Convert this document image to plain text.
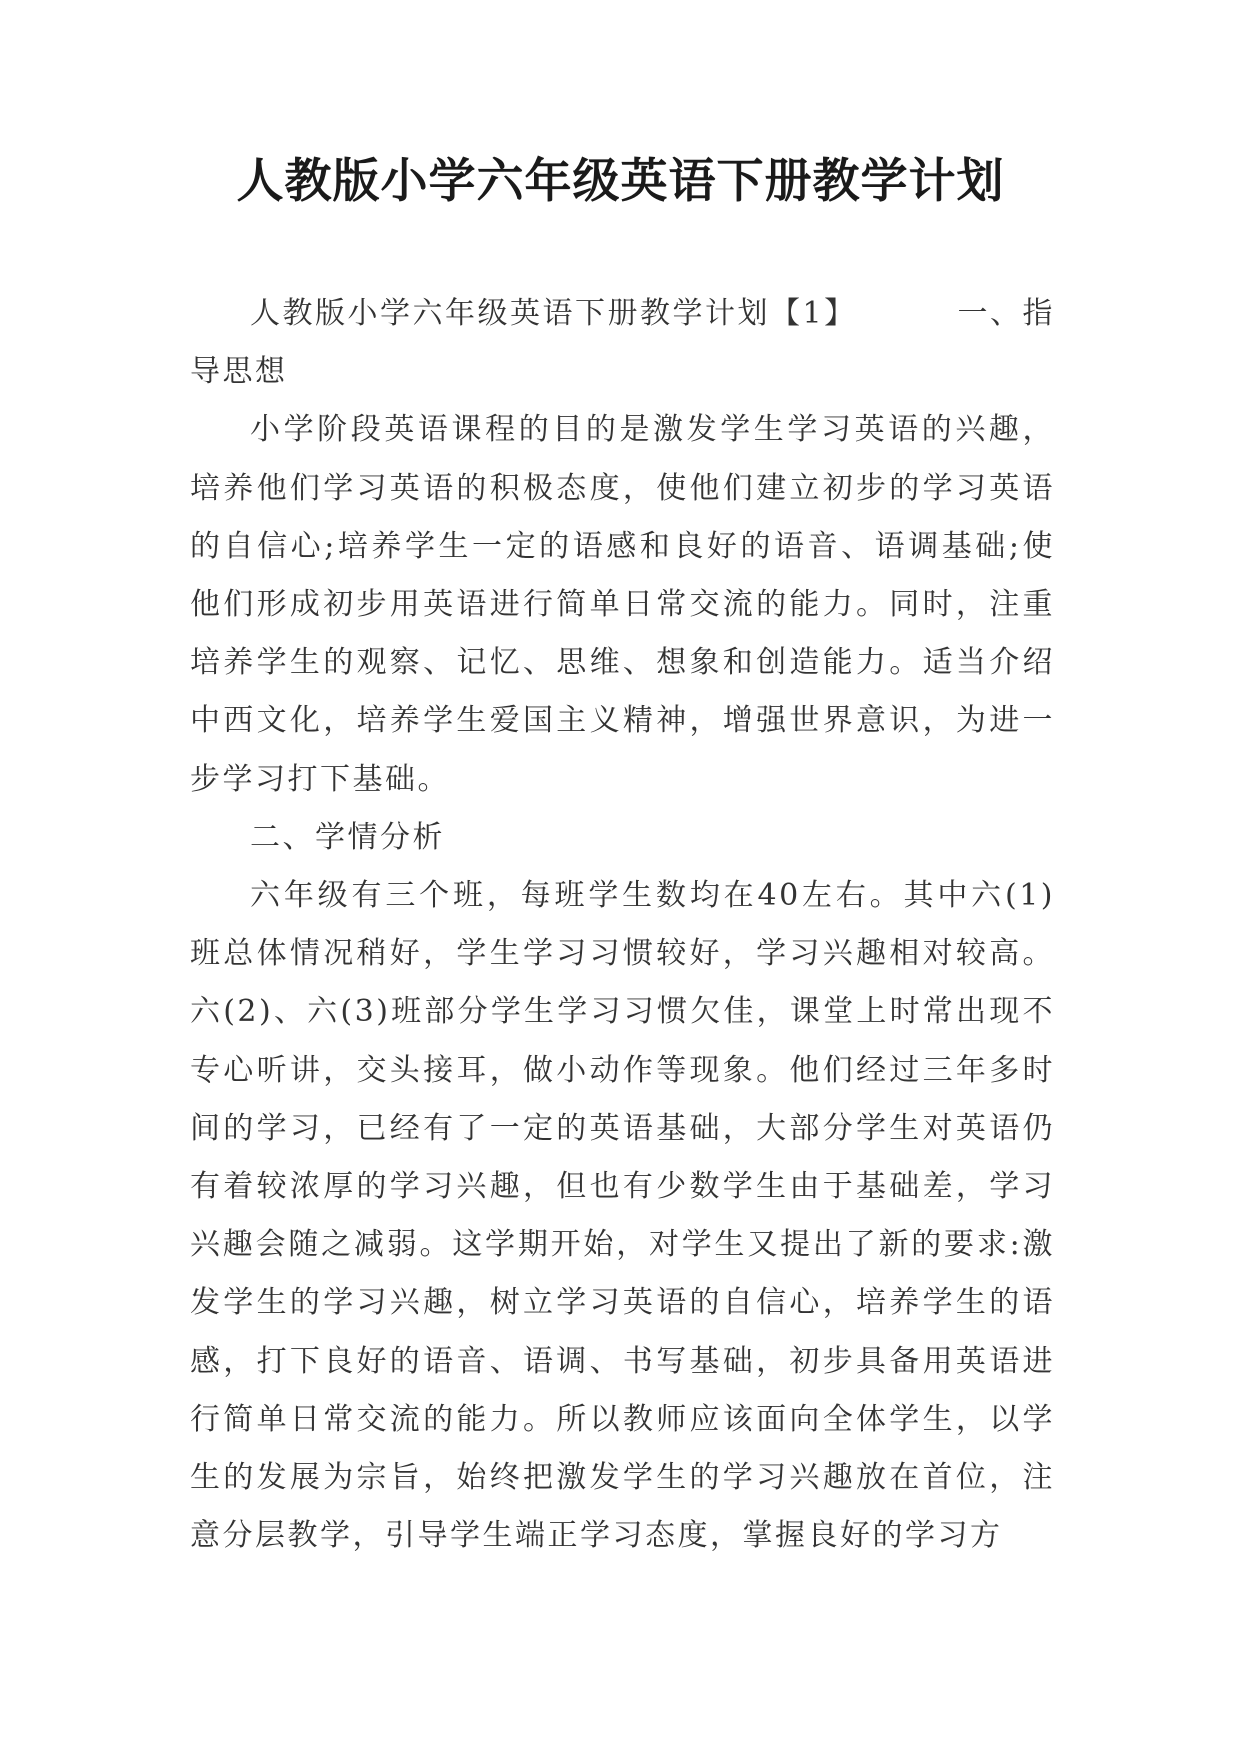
人教版小学六年级英语下册教学计划

人教版小学六年级英语下册教学计划【1】	一、指

导思想

小学阶段英语课程的目的是激发学生学习英语的兴趣，培养他们学习英语的积极态度，使他们建立初步的学习英语的自信心;培养学生一定的语感和良好的语音、语调基础;使他们形成初步用英语进行简单日常交流的能力。同时，注重培养学生的观察、记忆、思维、想象和创造能力。适当介绍中西文化，培养学生爱国主义精神，增强世界意识，为进一步学习打下基础。

二、学情分析

六年级有三个班，每班学生数均在40左右。其中六(1)班总体情况稍好，学生学习习惯较好，学习兴趣相对较高。六(2)、六(3)班部分学生学习习惯欠佳，课堂上时常出现不专心听讲，交头接耳，做小动作等现象。他们经过三年多时间的学习，已经有了一定的英语基础，大部分学生对英语仍有着较浓厚的学习兴趣，但也有少数学生由于基础差，学习兴趣会随之减弱。这学期开始，对学生又提出了新的要求:激发学生的学习兴趣，树立学习英语的自信心，培养学生的语感，打下良好的语音、语调、书写基础，初步具备用英语进行简单日常交流的能力。所以教师应该面向全体学生，以学生的发展为宗旨，始终把激发学生的学习兴趣放在首位，注意分层教学，引导学生端正学习态度，掌握良好的学习方
